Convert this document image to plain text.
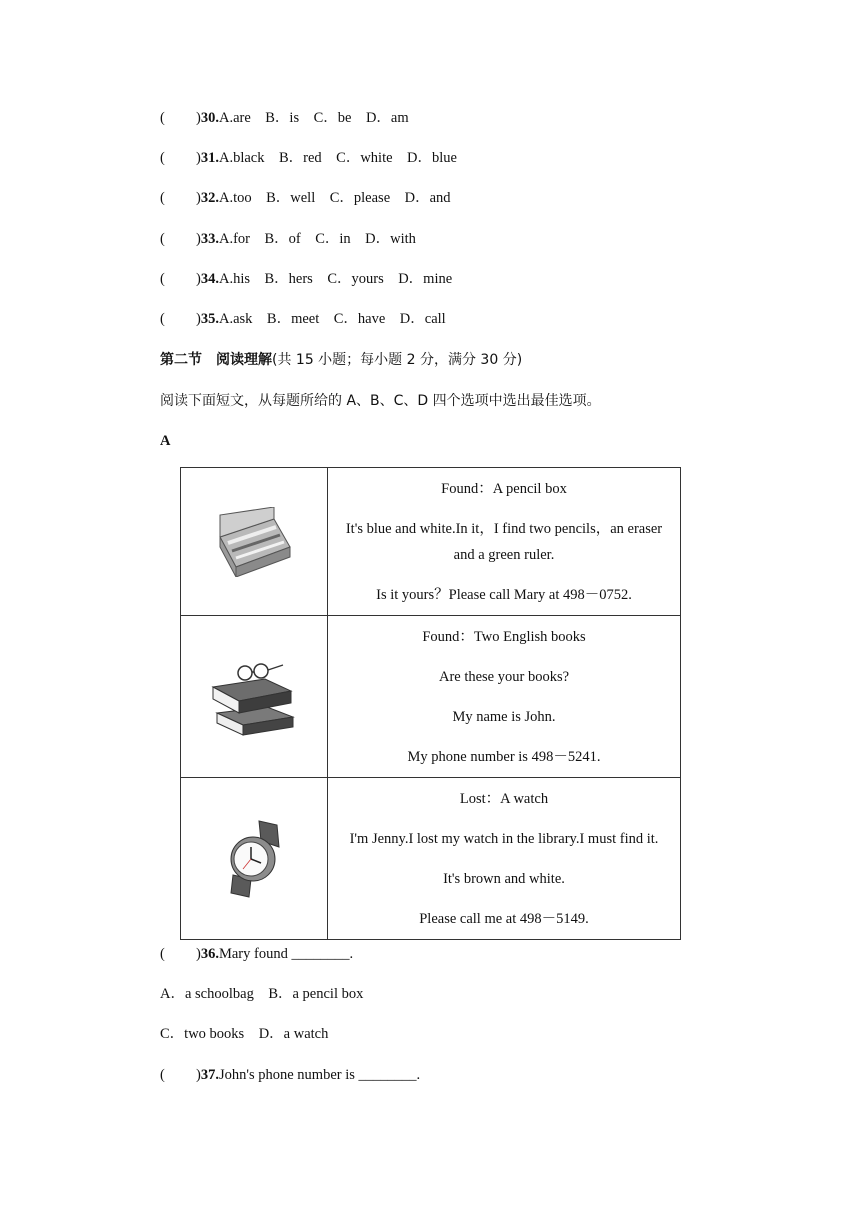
( )30.A.are　B．is　C．be　D．am
( )31.A.black　B．red　C．white　D．blue
( )32.A.too　B．well　C．please　D．and
( )33.A.for　B．of　C．in　D．with
( )34.A.his　B．hers　C．yours　D．mine
( )35.A.ask　B．meet　C．have　D．call
第二节　阅读理解(共 15 小题；每小题 2 分，满分 30 分)
阅读下面短文，从每题所给的 A、B、C、D 四个选项中选出最佳选项。
A

Found：A pencil box

It's blue and white.In it，I find two pencils，an eraser

and a green ruler.

Is it yours？Please call Mary at 498－0752.

Found：Two English books

Are these your books?

My name is John.

My phone number is 498－5241.

Lost：A watch

I'm Jenny.I lost my watch in the library.I must find it.

It's brown and white.

Please call me at 498－5149.

( )36.Mary found ________.
A．a schoolbag　B．a pencil box
C．two books　D．a watch
( )37.John's phone number is ________.
